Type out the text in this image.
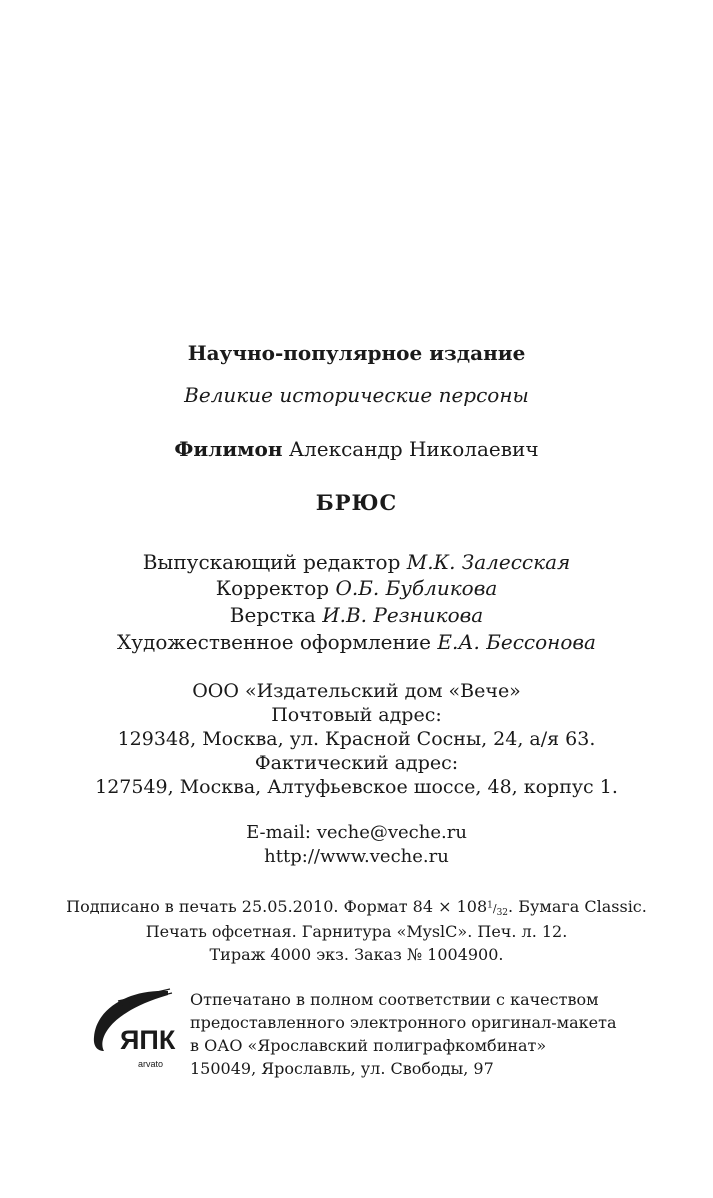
Научно-популярное издание
Великие исторические персоны
Филимон Александр Николаевич
БРЮС
Выпускающий редактор М.К. Залесская
Корректор О.Б. Бубликова
Верстка И.В. Резникова
Художественное оформление Е.А. Бессонова
ООО «Издательский дом «Вече»
Почтовый адрес:
129348, Москва, ул. Красной Сосны, 24, а/я 63.
Фактический адрес:
127549, Москва, Алтуфьевское шоссе, 48, корпус 1.
E-mail: veche@veche.ru
http://www.veche.ru
Подписано в печать 25.05.2010. Формат $84 \times 108^1/_{32}$. Бумага Classic.
Печать офсетная. Гарнитура «MyslC». Печ. л. 12.
Тираж 4000 экз. Заказ № 1004900.
ЯПК
arvato
Отпечатано в полном соответствии с качеством
предоставленного электронного оригинал-макета
в ОАО «Ярославский полиграфкомбинат»
150049, Ярославль, ул. Свободы, 97
